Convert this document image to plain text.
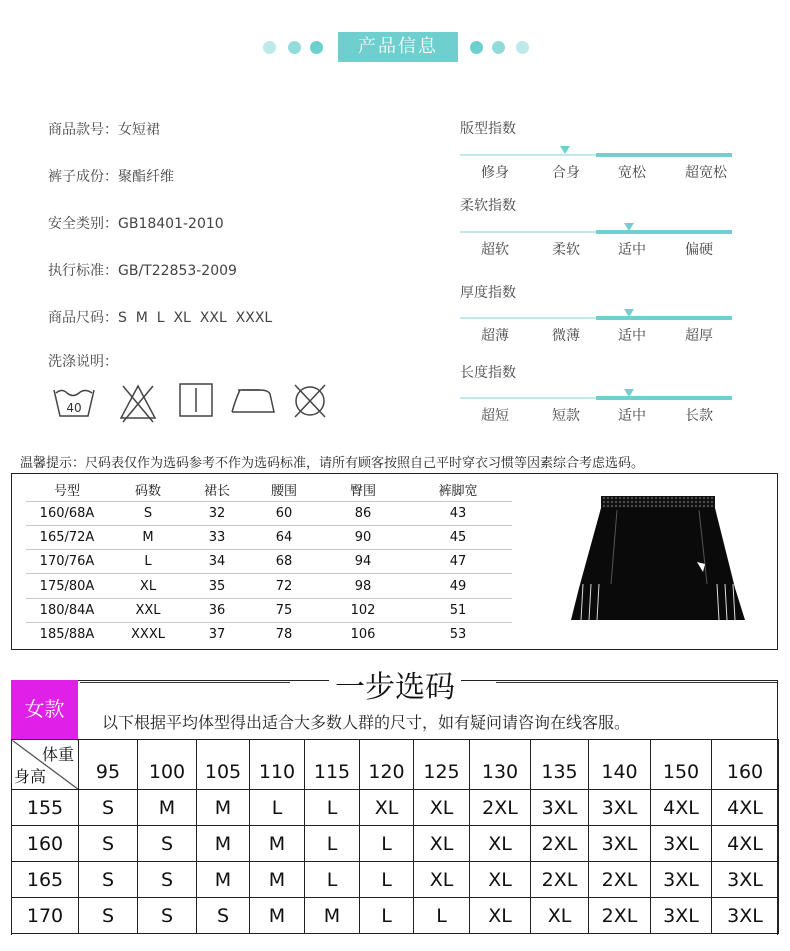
产品信息
商品款号：女短裙
裤子成份：聚酯纤维
安全类别：GB18401-2010
执行标准：GB/T22853-2009
商品尺码：S  M  L  XL  XXL  XXXL
洗涤说明：
40
版型指数
修身	合身	宽松	超宽松
柔软指数
超软	柔软	适中	偏硬
厚度指数
超薄	微薄	适中	超厚
长度指数
超短	短款	适中	长款
温馨提示：尺码表仅作为选码参考不作为选码标准，请所有顾客按照自己平时穿衣习惯等因素综合考虑选码。
号型	码数	裙长	腰围	臀围	裤脚宽
160/68A	S	32	60	86	43
165/72A	M	33	64	90	45
170/76A	L	34	68	94	47
175/80A	XL	35	72	98	49
180/84A	XXL	36	75	102	51
185/88A	XXXL	37	78	106	53
一步选码
女款
以下根据平均体型得出适合大多数人群的尺寸，如有疑问请咨询在线客服。
体重
身高	95	100	105	110	115	120	125	130	135	140	150	160
155	S	M	M	L	L	XL	XL	2XL	3XL	3XL	4XL	4XL
160	S	S	M	M	L	L	XL	XL	2XL	3XL	3XL	4XL
165	S	S	M	M	L	L	XL	XL	2XL	2XL	3XL	3XL
170	S	S	S	M	M	L	L	XL	XL	2XL	3XL	3XL
